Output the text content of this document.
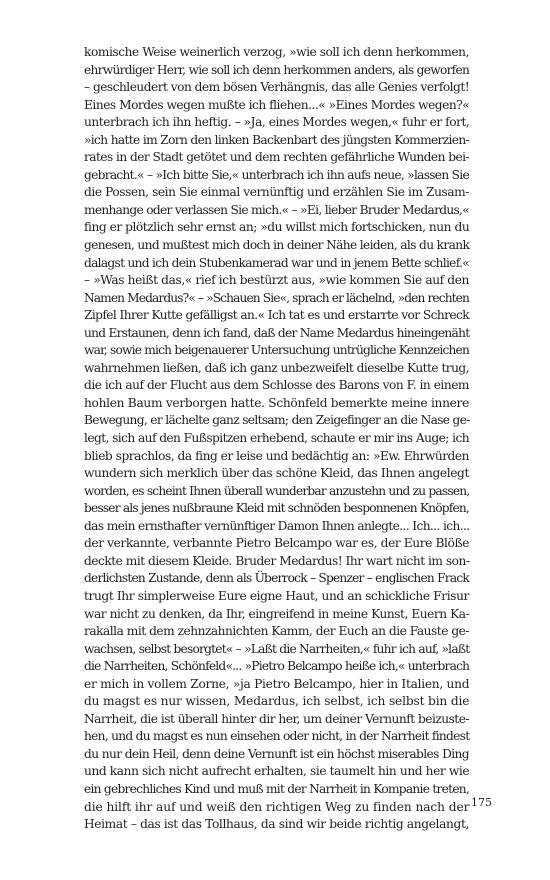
komische Weise weinerlich verzog, »wie soll ich denn herkommen,
ehrwürdiger Herr, wie soll ich denn herkommen anders, als geworfen
– geschleudert von dem bösen Verhängnis, das alle Genies verfolgt!
Eines Mordes wegen mußte ich fliehen...« »Eines Mordes wegen?«
unterbrach ich ihn heftig. – »Ja, eines Mordes wegen,« fuhr er fort,
»ich hatte im Zorn den linken Backenbart des jüngsten Kommerzien-
rates in der Stadt getötet und dem rechten gefährliche Wunden bei-
gebracht.« – »Ich bitte Sie,« unterbrach ich ihn aufs neue, »lassen Sie
die Possen, sein Sie einmal vernünftig und erzählen Sie im Zusam-
menhange oder verlassen Sie mich.« – »Ei, lieber Bruder Medardus,«
fing er plötzlich sehr ernst an; »du willst mich fortschicken, nun du
genesen, und mußtest mich doch in deiner Nähe leiden, als du krank
dalagst und ich dein Stubenkamerad war und in jenem Bette schlief.«
– »Was heißt das,« rief ich bestürzt aus, »wie kommen Sie auf den
Namen Medardus?« – »Schauen Sie«, sprach er lächelnd, »den rechten
Zipfel Ihrer Kutte gefälligst an.« Ich tat es und erstarrte vor Schreck
und Erstaunen, denn ich fand, daß der Name Medardus hineingenäht
war, sowie mich beigenauerer Untersuchung untrügliche Kennzeichen
wahrnehmen ließen, daß ich ganz unbezweifelt dieselbe Kutte trug,
die ich auf der Flucht aus dem Schlosse des Barons von F. in einem
hohlen Baum verborgen hatte. Schönfeld bemerkte meine innere
Bewegung, er lächelte ganz seltsam; den Zeigefinger an die Nase ge-
legt, sich auf den Fußspitzen erhebend, schaute er mir ins Auge; ich
blieb sprachlos, da fing er leise und bedächtig an: »Ew. Ehrwürden
wundern sich merklich über das schöne Kleid, das Ihnen angelegt
worden, es scheint Ihnen überall wunderbar anzustehn und zu passen,
besser als jenes nußbraune Kleid mit schnöden besponnenen Knöpfen,
das mein ernsthafter vernünftiger Damon Ihnen anlegte... Ich... ich...
der verkannte, verbannte Pietro Belcampo war es, der Eure Blöße
deckte mit diesem Kleide. Bruder Medardus! Ihr wart nicht im son-
derlichsten Zustande, denn als Überrock – Spenzer – englischen Frack
trugt Ihr simplerweise Eure eigne Haut, und an schickliche Frisur
war nicht zu denken, da Ihr, eingreifend in meine Kunst, Euern Ka-
rakalla mit dem zehnzahnichten Kamm, der Euch an die Fauste ge-
wachsen, selbst besorgtet« – »Laßt die Narrheiten,« fuhr ich auf, »laßt
die Narrheiten, Schönfeld«... »Pietro Belcampo heiße ich,« unterbrach
er mich in vollem Zorne, »ja Pietro Belcampo, hier in Italien, und
du magst es nur wissen, Medardus, ich selbst, ich selbst bin die
Narrheit, die ist überall hinter dir her, um deiner Vernunft beizuste-
hen, und du magst es nun einsehen oder nicht, in der Narrheit findest
du nur dein Heil, denn deine Vernunft ist ein höchst miserables Ding
und kann sich nicht aufrecht erhalten, sie taumelt hin und her wie
ein gebrechliches Kind und muß mit der Narrheit in Kompanie treten,
die hilft ihr auf und weiß den richtigen Weg zu finden nach der
Heimat – das ist das Tollhaus, da sind wir beide richtig angelangt,
175
